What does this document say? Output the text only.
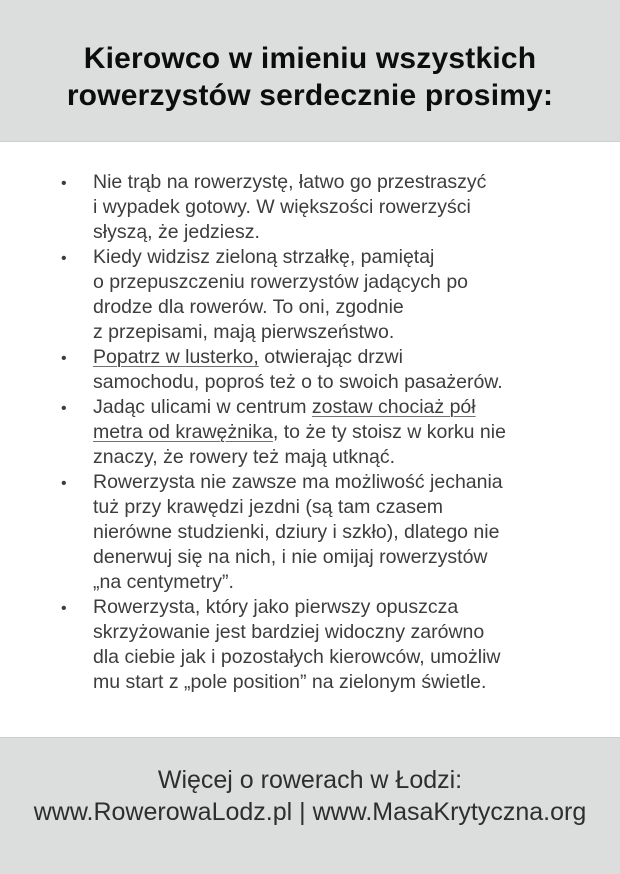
Kierowco w imieniu wszystkich
rowerzystów serdecznie prosimy:
• Nie trąb na rowerzystę, łatwo go przestraszyć
i wypadek gotowy. W większości rowerzyści
słyszą, że jedziesz.
• Kiedy widzisz zieloną strzałkę, pamiętaj
o przepuszczeniu rowerzystów jadących po
drodze dla rowerów. To oni, zgodnie
z przepisami, mają pierwszeństwo.
• Popatrz w lusterko, otwierając drzwi
samochodu, poproś też o to swoich pasażerów.
• Jadąc ulicami w centrum zostaw chociaż pół
metra od krawężnika, to że ty stoisz w korku nie
znaczy, że rowery też mają utknąć.
• Rowerzysta nie zawsze ma możliwość jechania
tuż przy krawędzi jezdni (są tam czasem
nierówne studzienki, dziury i szkło), dlatego nie
denerwuj się na nich, i nie omijaj rowerzystów
„na centymetry”.
• Rowerzysta, który jako pierwszy opuszcza
skrzyżowanie jest bardziej widoczny zarówno
dla ciebie jak i pozostałych kierowców, umożliw
mu start z „pole position” na zielonym świetle.
Więcej o rowerach w Łodzi:
www.RowerowaLodz.pl | www.MasaKrytyczna.org
